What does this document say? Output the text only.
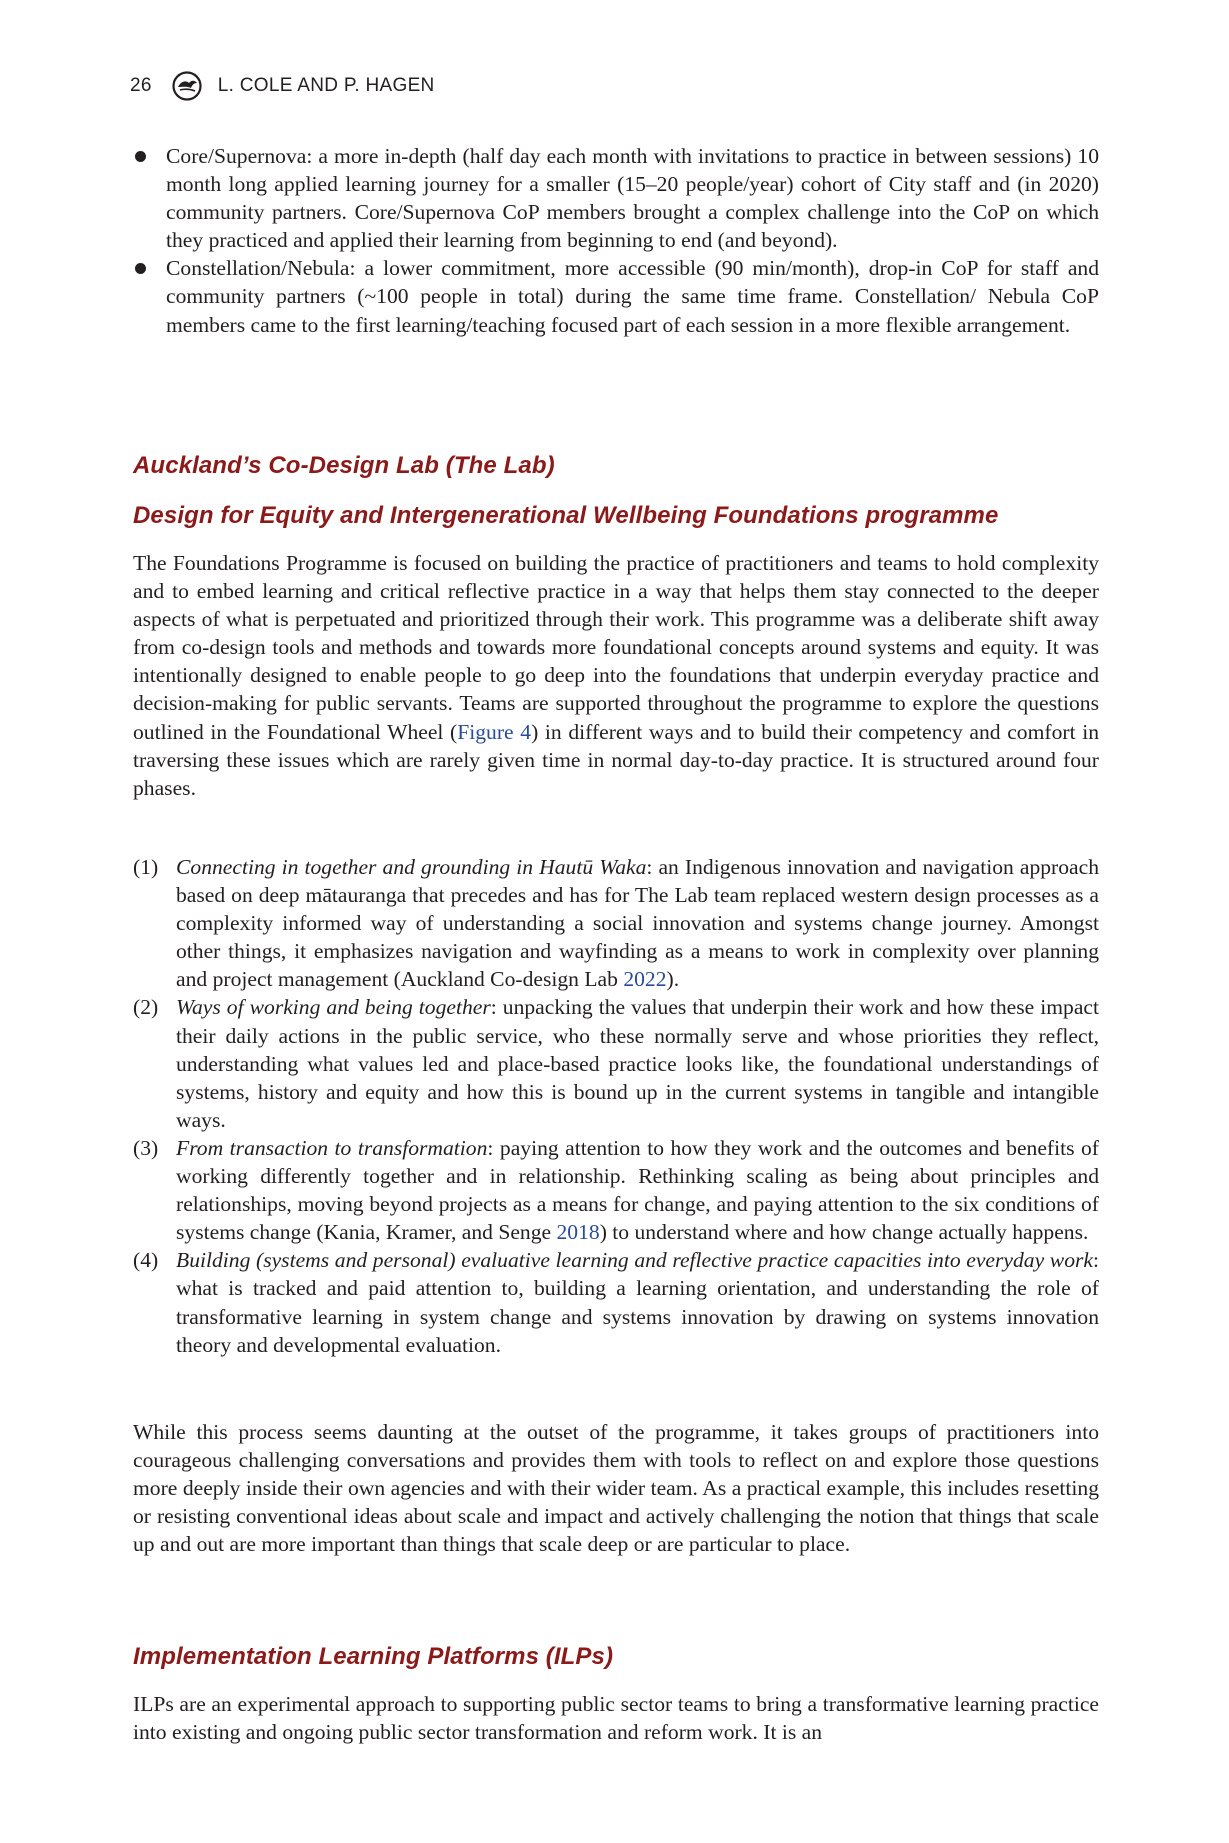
26	L. COLE AND P. HAGEN
Core/Supernova: a more in-depth (half day each month with invitations to practice in between sessions) 10 month long applied learning journey for a smaller (15–20 people/year) cohort of City staff and (in 2020) community partners. Core/Supernova CoP members brought a complex challenge into the CoP on which they practiced and applied their learning from beginning to end (and beyond).
Constellation/Nebula: a lower commitment, more accessible (90 min/month), drop-in CoP for staff and community partners (~100 people in total) during the same time frame. Constellation/ Nebula CoP members came to the first learning/teaching focused part of each session in a more flexible arrangement.
Auckland’s Co-Design Lab (The Lab)
Design for Equity and Intergenerational Wellbeing Foundations programme
The Foundations Programme is focused on building the practice of practitioners and teams to hold complexity and to embed learning and critical reflective practice in a way that helps them stay connected to the deeper aspects of what is perpetuated and prioritized through their work. This programme was a deliberate shift away from co-design tools and methods and towards more foundational concepts around systems and equity. It was intentionally designed to enable people to go deep into the foundations that underpin everyday practice and decision-making for public servants. Teams are supported throughout the programme to explore the questions outlined in the Foundational Wheel (Figure 4) in different ways and to build their competency and comfort in traversing these issues which are rarely given time in normal day-to-day practice. It is structured around four phases.
(1) Connecting in together and grounding in Hautū Waka: an Indigenous innovation and navigation approach based on deep mātauranga that precedes and has for The Lab team replaced western design processes as a complexity informed way of understanding a social innovation and systems change journey. Amongst other things, it emphasizes navigation and wayfinding as a means to work in complexity over planning and project management (Auckland Co-design Lab 2022).
(2) Ways of working and being together: unpacking the values that underpin their work and how these impact their daily actions in the public service, who these normally serve and whose priorities they reflect, understanding what values led and place-based practice looks like, the foundational understandings of systems, history and equity and how this is bound up in the current systems in tangible and intangible ways.
(3) From transaction to transformation: paying attention to how they work and the outcomes and benefits of working differently together and in relationship. Rethinking scaling as being about principles and relationships, moving beyond projects as a means for change, and paying attention to the six conditions of systems change (Kania, Kramer, and Senge 2018) to understand where and how change actually happens.
(4) Building (systems and personal) evaluative learning and reflective practice capacities into everyday work: what is tracked and paid attention to, building a learning orientation, and understanding the role of transformative learning in system change and systems innovation by drawing on systems innovation theory and developmental evaluation.
While this process seems daunting at the outset of the programme, it takes groups of practitioners into courageous challenging conversations and provides them with tools to reflect on and explore those questions more deeply inside their own agencies and with their wider team. As a practical example, this includes resetting or resisting conventional ideas about scale and impact and actively challenging the notion that things that scale up and out are more important than things that scale deep or are particular to place.
Implementation Learning Platforms (ILPs)
ILPs are an experimental approach to supporting public sector teams to bring a transformative learning practice into existing and ongoing public sector transformation and reform work. It is an
